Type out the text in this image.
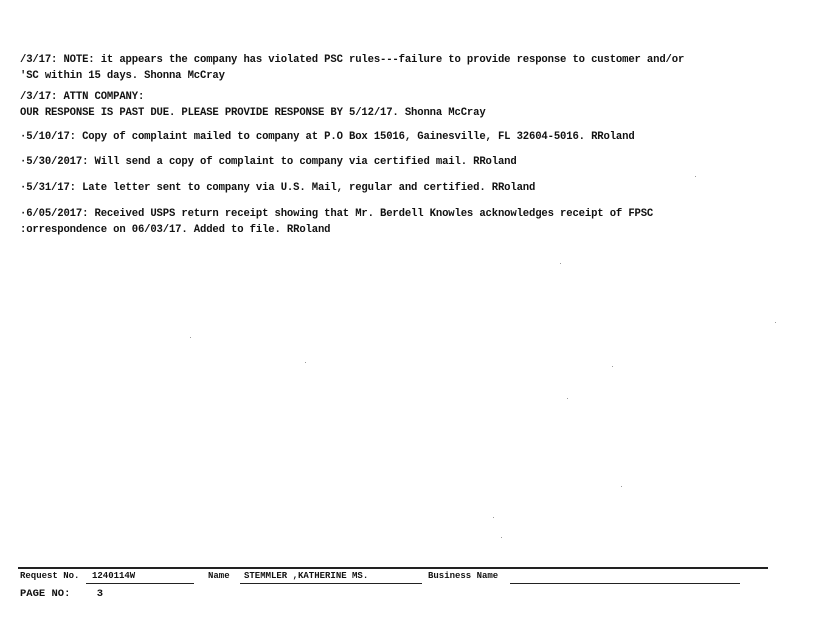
/3/17: NOTE: it appears the company has violated PSC rules---failure to provide response to customer and/or
'SC within 15 days. Shonna McCray
/3/17: ATTN COMPANY:
OUR RESPONSE IS PAST DUE. PLEASE PROVIDE RESPONSE BY 5/12/17. Shonna McCray
·5/10/17: Copy of complaint mailed to company at P.O Box 15016, Gainesville, FL 32604-5016. RRoland
·5/30/2017: Will send a copy of complaint to company via certified mail. RRoland
·5/31/17: Late letter sent to company via U.S. Mail, regular and certified. RRoland
·6/05/2017: Received USPS return receipt showing that Mr. Berdell Knowles acknowledges receipt of FPSC
:orrespondence on 06/03/17. Added to file. RRoland
Request No. 1240114W	Name STEMMLER ,KATHERINE MS.	Business Name
PAGE NO:	3
